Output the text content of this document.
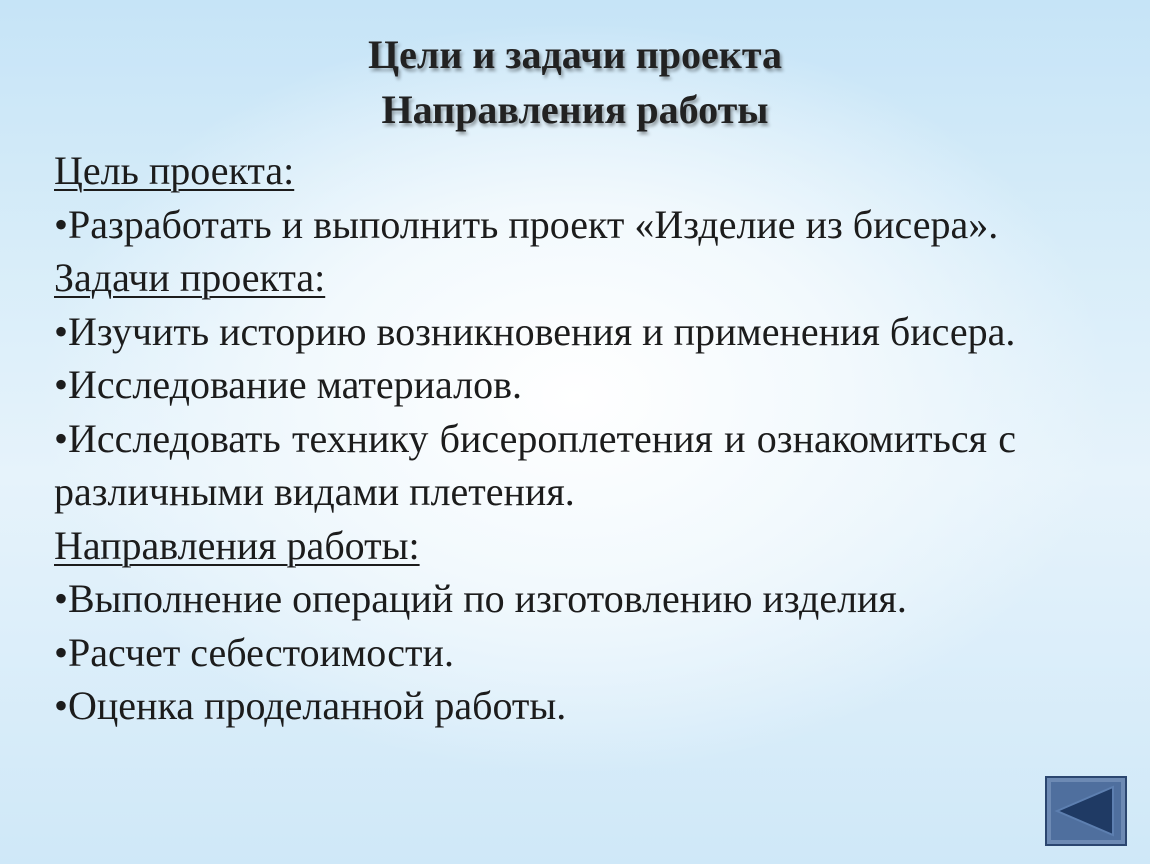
Цели и задачи проекта
Направления работы
Цель проекта:
•Разработать и выполнить проект «Изделие из бисера».
Задачи проекта:
•Изучить историю возникновения и применения бисера.
•Исследование материалов.
•Исследовать технику бисероплетения и ознакомиться с различными видами плетения.
Направления работы:
•Выполнение операций по изготовлению изделия.
•Расчет себестоимости.
•Оценка проделанной работы.
